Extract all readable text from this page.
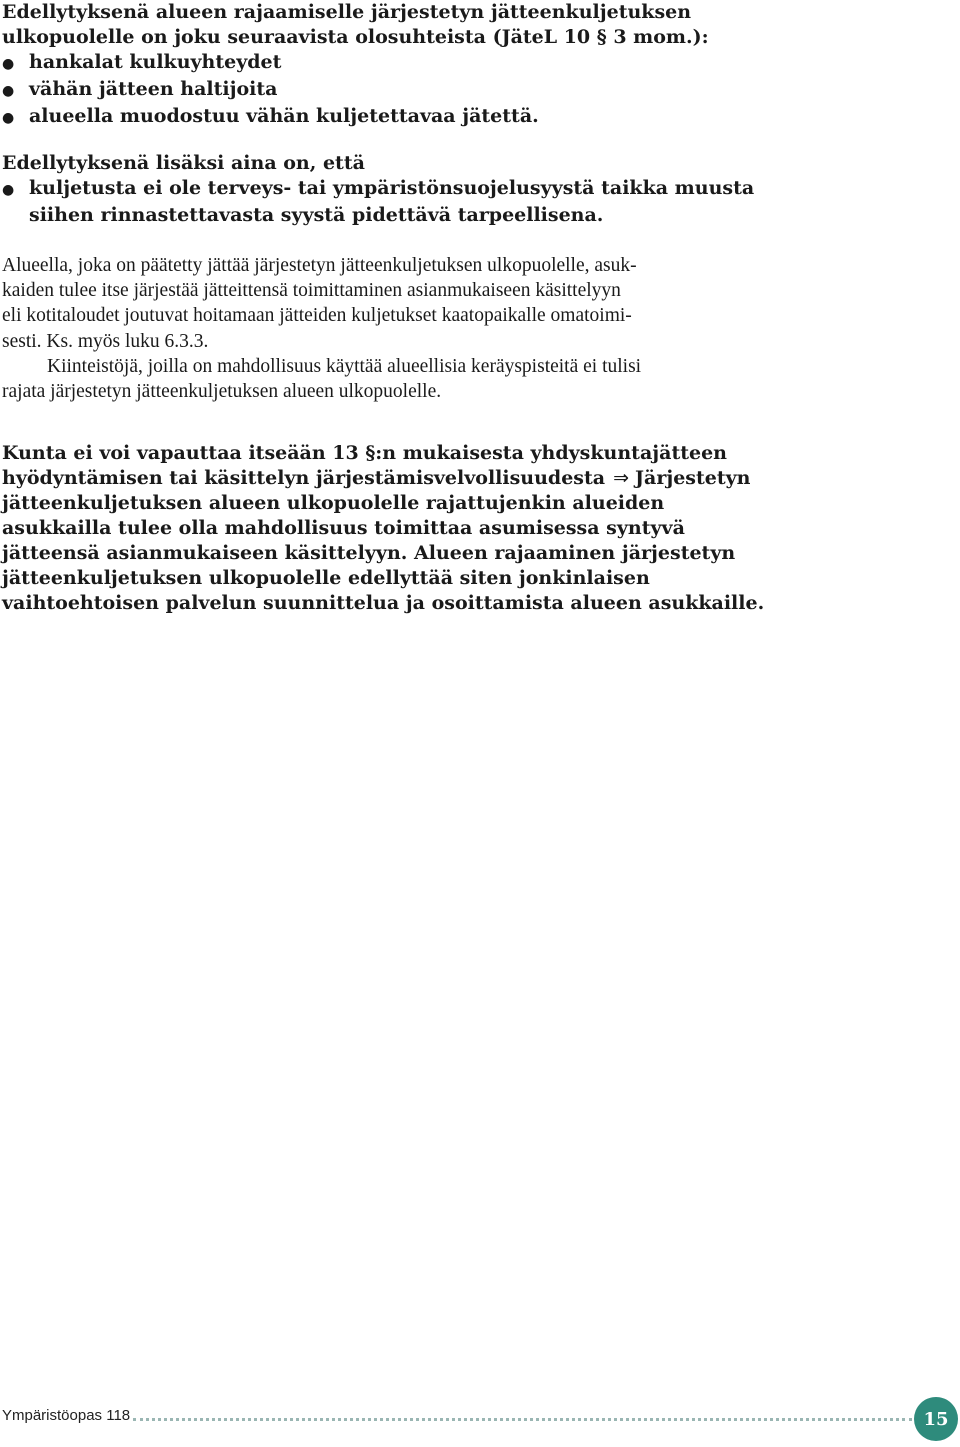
Edellytyksenä alueen rajaamiselle järjestetyn jätteenkuljetuksen
ulkopuolelle on joku seuraavista olosuhteista (JäteL 10 § 3 mom.):
● hankalat kulkuyhteydet
● vähän jätteen haltijoita
● alueella muodostuu vähän kuljetettavaa jätettä.
Edellytyksenä lisäksi aina on, että
● kuljetusta ei ole terveys- tai ympäristönsuojelusyystä taikka muusta
siihen rinnastettavasta syystä pidettävä tarpeellisena.
Alueella, joka on päätetty jättää järjestetyn jätteenkuljetuksen ulkopuolelle, asuk-
kaiden tulee itse järjestää jätteittensä toimittaminen asianmukaiseen käsittelyyn
eli kotitaloudet joutuvat hoitamaan jätteiden kuljetukset kaatopaikalle omatoimi-
sesti. Ks. myös luku 6.3.3.
Kiinteistöjä, joilla on mahdollisuus käyttää alueellisia keräyspisteitä ei tulisi
rajata järjestetyn jätteenkuljetuksen alueen ulkopuolelle.
Kunta ei voi vapauttaa itseään 13 §:n mukaisesta yhdyskuntajätteen
hyödyntämisen tai käsittelyn järjestämisvelvollisuudesta ⇒ Järjestetyn
jätteenkuljetuksen alueen ulkopuolelle rajattujenkin alueiden
asukkailla tulee olla mahdollisuus toimittaa asumisessa syntyvä
jätteensä asianmukaiseen käsittelyyn. Alueen rajaaminen järjestetyn
jätteenkuljetuksen ulkopuolelle edellyttää siten jonkinlaisen
vaihtoehtoisen palvelun suunnittelua ja osoittamista alueen asukkaille.
Ympäristöopas 118	15
